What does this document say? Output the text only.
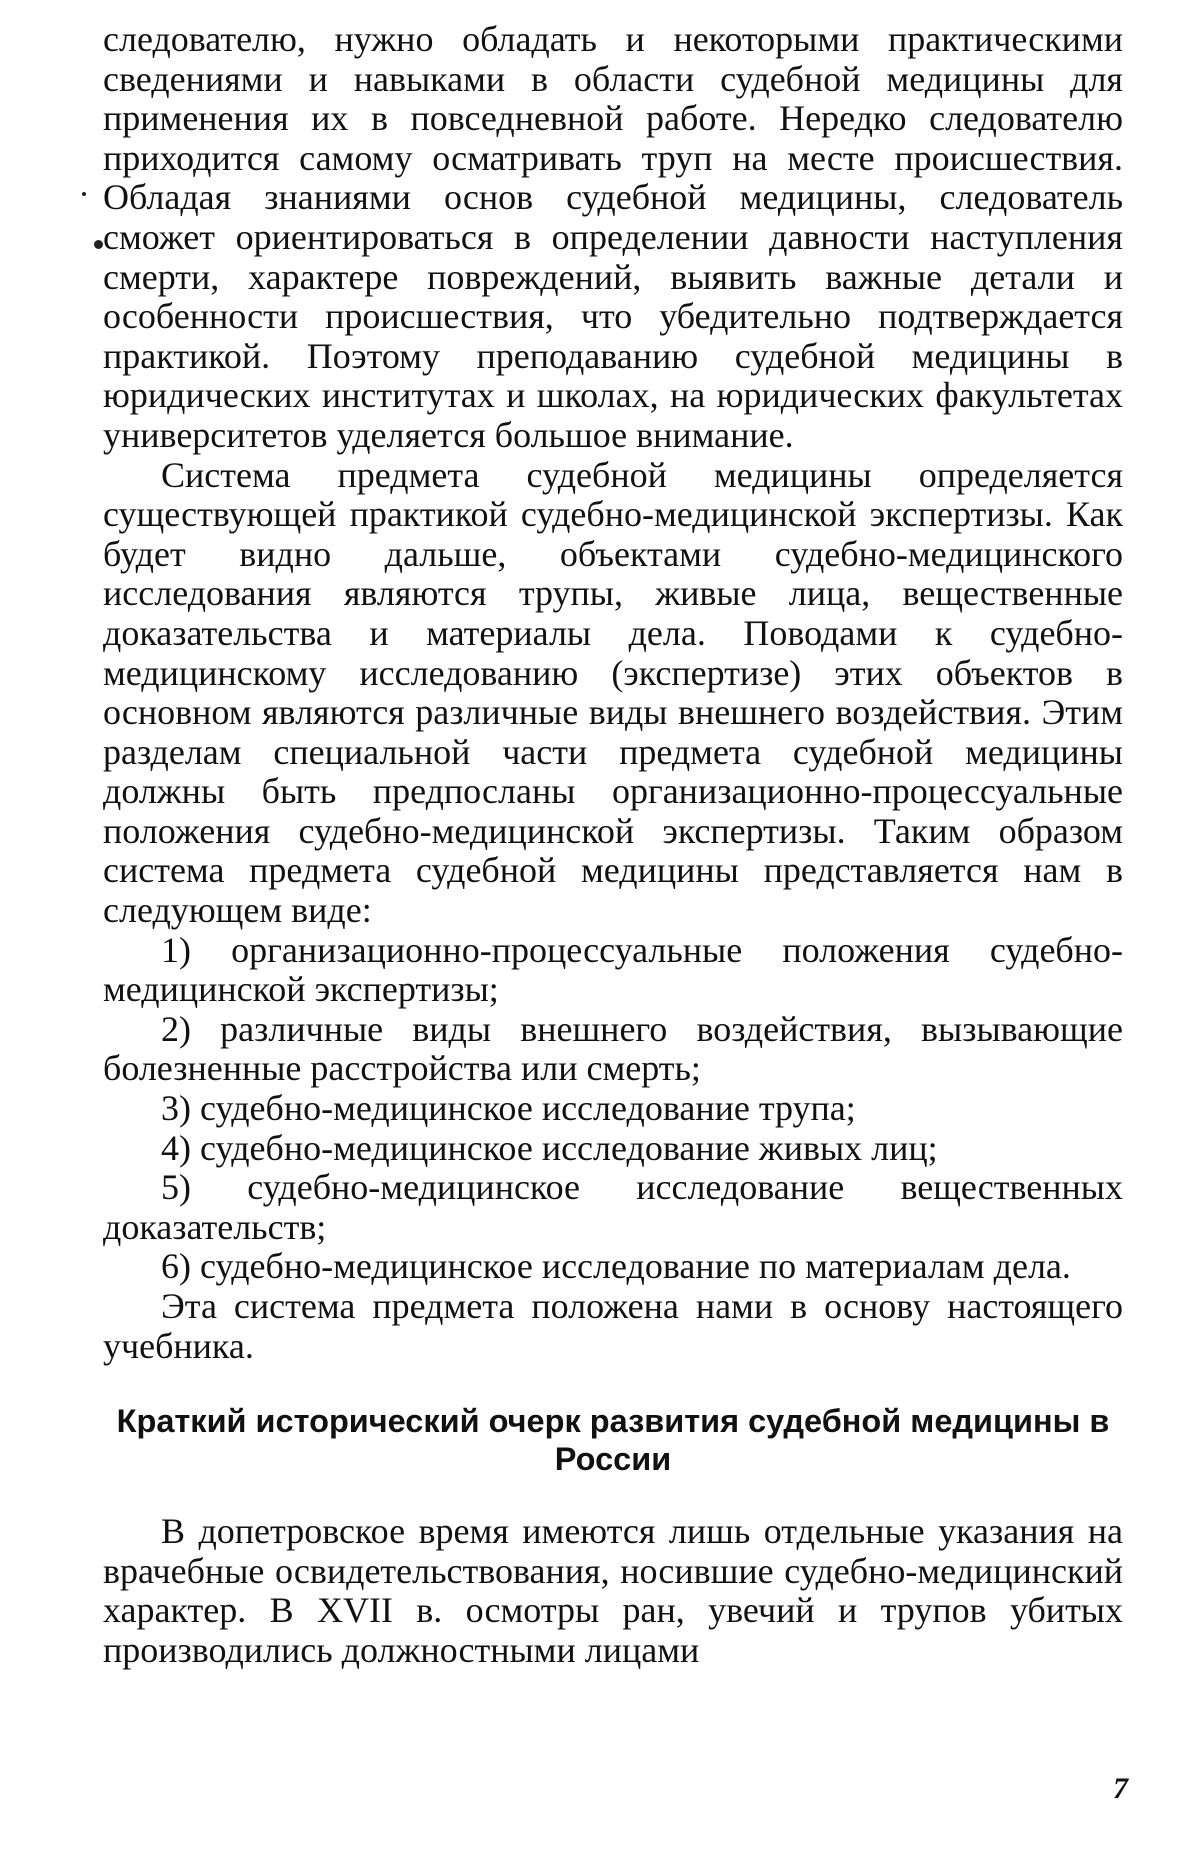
следователю, нужно обладать и некоторыми практическими сведениями и навыками в области судебной медицины для применения их в повседневной работе. Нередко следователю приходится самому осматривать труп на месте происшествия. Обладая знаниями основ судебной медицины, следователь сможет ориентироваться в определении давности наступления смерти, характере повреждений, выявить важные детали и особенности происшествия, что убедительно подтверждается практикой. Поэтому преподаванию судебной медицины в юридических институтах и школах, на юридических факультетах университетов уделяется большое внимание.

Система предмета судебной медицины определяется существующей практикой судебно-медицинской экспертизы. Как будет видно дальше, объектами судебно-медицинского исследования являются трупы, живые лица, вещественные доказательства и материалы дела. Поводами к судебно-медицинскому исследованию (экспертизе) этих объектов в основном являются различные виды внешнего воздействия. Этим разделам специальной части предмета судебной медицины должны быть предпосланы организационно-процессуальные положения судебно-медицинской экспертизы. Таким образом система предмета судебной медицины представляется нам в следующем виде:

1) организационно-процессуальные положения судебно-медицинской экспертизы;

2) различные виды внешнего воздействия, вызывающие болезненные расстройства или смерть;

3) судебно-медицинское исследование трупа;

4) судебно-медицинское исследование живых лиц;

5) судебно-медицинское исследование вещественных доказательств;

6) судебно-медицинское исследование по материалам дела.

Эта система предмета положена нами в основу настоящего учебника.

Краткий исторический очерк развития судебной медицины в России

В допетровское время имеются лишь отдельные указания на врачебные освидетельствования, носившие судебно-медицинский характер. В XVII в. осмотры ран, увечий и трупов убитых производились должностными лицами

7
